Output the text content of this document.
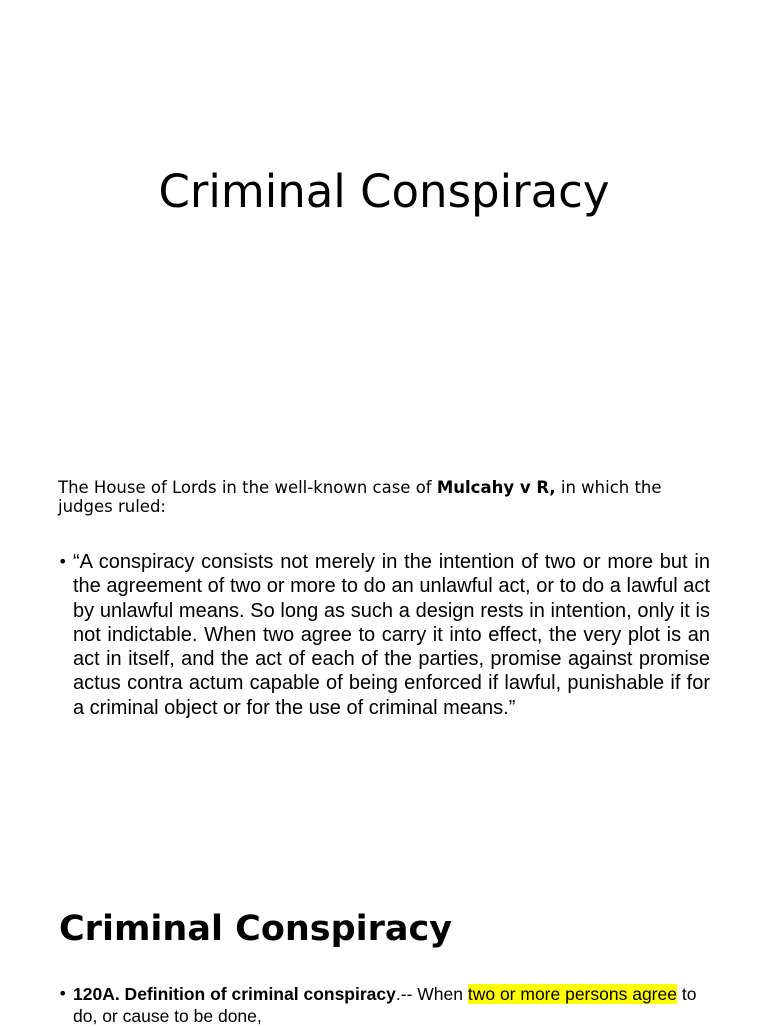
Criminal Conspiracy

The House of Lords in the well-known case of Mulcahy v R, in which the judges ruled:

• “A conspiracy consists not merely in the intention of two or more but in the agreement of two or more to do an unlawful act, or to do a lawful act by unlawful means. So long as such a design rests in intention, only it is not indictable. When two agree to carry it into effect, the very plot is an act in itself, and the act of each of the parties, promise against promise actus contra actum capable of being enforced if lawful, punishable if for a criminal object or for the use of criminal means.”
Criminal Conspiracy
• 120A. Definition of criminal conspiracy.-- When two or more persons agree to do, or cause to be done,
